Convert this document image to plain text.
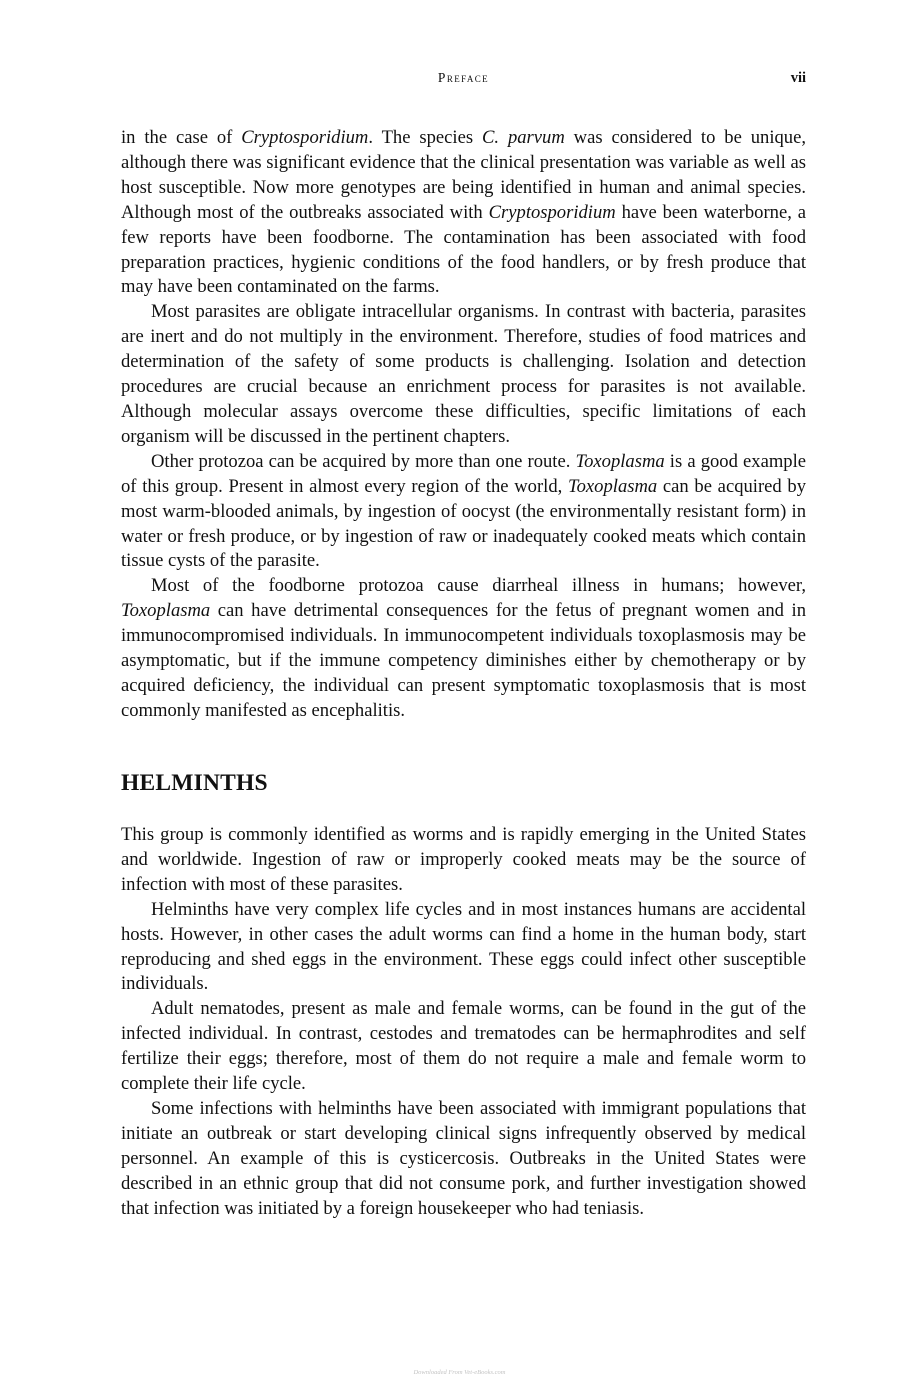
Preface	vii

in the case of Cryptosporidium. The species C. parvum was considered to be unique, although there was significant evidence that the clinical presentation was variable as well as host susceptible. Now more genotypes are being identified in human and animal species. Although most of the outbreaks associated with Cryptosporidium have been waterborne, a few reports have been foodborne. The contamination has been associated with food preparation practices, hygienic conditions of the food handlers, or by fresh produce that may have been contaminated on the farms.

Most parasites are obligate intracellular organisms. In contrast with bacteria, parasites are inert and do not multiply in the environment. Therefore, studies of food matrices and determination of the safety of some products is challenging. Isolation and detection procedures are crucial because an enrichment process for parasites is not available. Although molecular assays overcome these difficulties, specific limitations of each organism will be discussed in the pertinent chapters.

Other protozoa can be acquired by more than one route. Toxoplasma is a good example of this group. Present in almost every region of the world, Toxoplasma can be acquired by most warm-blooded animals, by ingestion of oocyst (the environmentally resistant form) in water or fresh produce, or by ingestion of raw or inadequately cooked meats which contain tissue cysts of the parasite.

Most of the foodborne protozoa cause diarrheal illness in humans; however, Toxoplasma can have detrimental consequences for the fetus of pregnant women and in immunocompromised individuals. In immunocompetent individuals toxoplasmosis may be asymptomatic, but if the immune competency diminishes either by chemotherapy or by acquired deficiency, the individual can present symptomatic toxoplasmosis that is most commonly manifested as encephalitis.

HELMINTHS

This group is commonly identified as worms and is rapidly emerging in the United States and worldwide. Ingestion of raw or improperly cooked meats may be the source of infection with most of these parasites.

Helminths have very complex life cycles and in most instances humans are accidental hosts. However, in other cases the adult worms can find a home in the human body, start reproducing and shed eggs in the environment. These eggs could infect other susceptible individuals.

Adult nematodes, present as male and female worms, can be found in the gut of the infected individual. In contrast, cestodes and trematodes can be hermaphrodites and self fertilize their eggs; therefore, most of them do not require a male and female worm to complete their life cycle.

Some infections with helminths have been associated with immigrant populations that initiate an outbreak or start developing clinical signs infrequently observed by medical personnel. An example of this is cysticercosis. Outbreaks in the United States were described in an ethnic group that did not consume pork, and further investigation showed that infection was initiated by a foreign housekeeper who had teniasis.

Downloaded From Vet-eBooks.com
